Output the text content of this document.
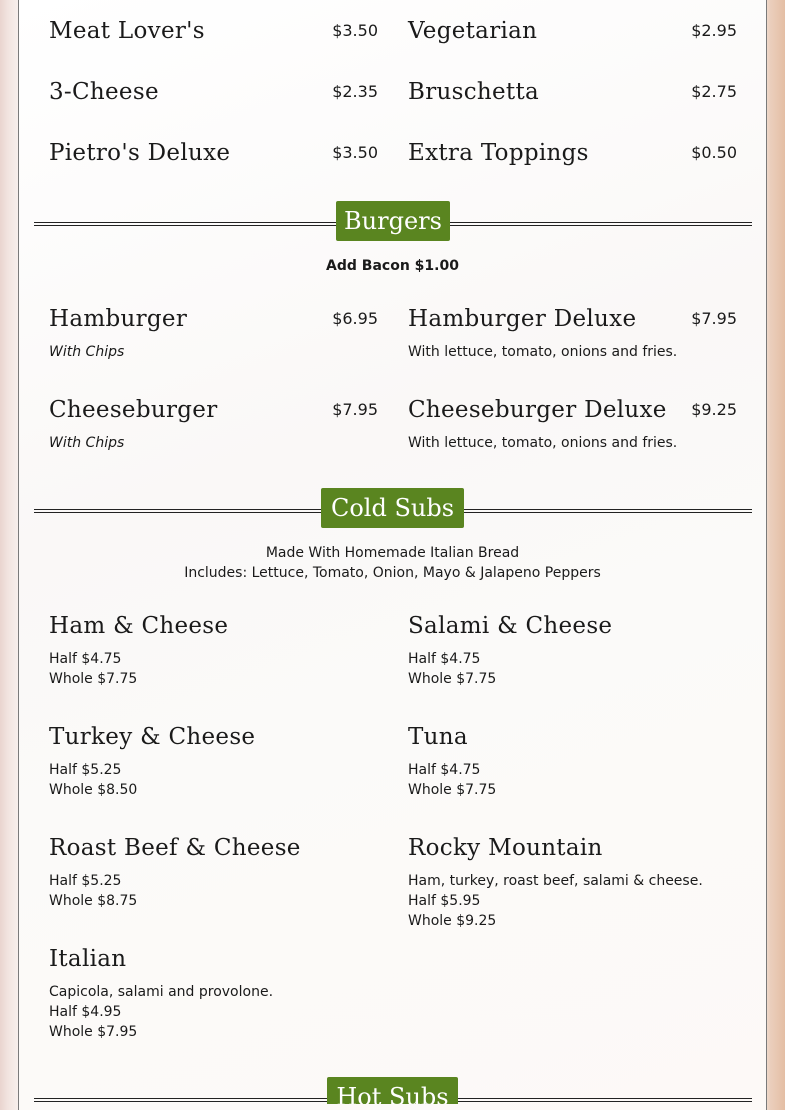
Meat Lover's	$3.50 Vegetarian	$2.95
3-Cheese	$2.35 Bruschetta	$2.75
Pietro's Deluxe	$3.50 Extra Toppings	$0.50
Burgers
Add Bacon $1.00
Hamburger	$6.95
With Chips
Hamburger Deluxe	$7.95
With lettuce, tomato, onions and fries.
Cheeseburger	$7.95
With Chips
Cheeseburger Deluxe	$9.25
With lettuce, tomato, onions and fries.
Cold Subs
Made With Homemade Italian Bread
Includes: Lettuce, Tomato, Onion, Mayo & Jalapeno Peppers
Ham & Cheese
Half $4.75
Whole $7.75
Salami & Cheese
Half $4.75
Whole $7.75
Turkey & Cheese
Half $5.25
Whole $8.50
Tuna
Half $4.75
Whole $7.75
Roast Beef & Cheese
Half $5.25
Whole $8.75
Rocky Mountain
Ham, turkey, roast beef, salami & cheese.
Half $5.95
Whole $9.25
Italian
Capicola, salami and provolone.
Half $4.95
Whole $7.95
Hot Subs
